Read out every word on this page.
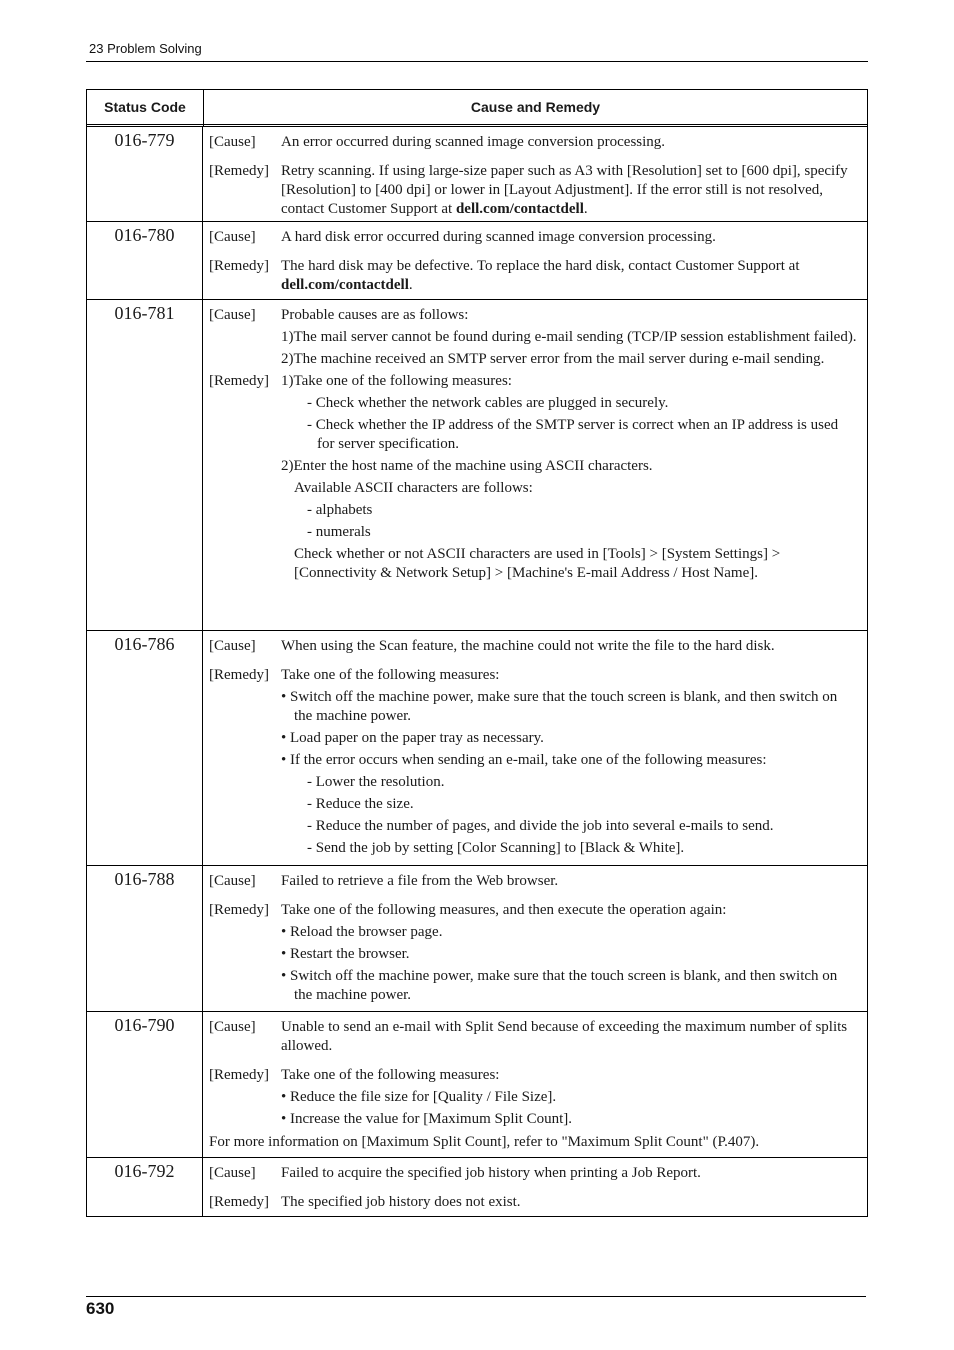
23 Problem Solving
Status Code	Cause and Remedy
016-779	[Cause]	An error occurred during scanned image conversion processing.
[Remedy] Retry scanning. If using large-size paper such as A3 with [Resolution] set to [600 dpi], specify [Resolution] to [400 dpi] or lower in [Layout Adjustment]. If the error still is not resolved, contact Customer Support at dell.com/contactdell.
016-780	[Cause]	A hard disk error occurred during scanned image conversion processing.
[Remedy] The hard disk may be defective. To replace the hard disk, contact Customer Support at dell.com/contactdell.
016-781	[Cause]	Probable causes are as follows:
1)The mail server cannot be found during e-mail sending (TCP/IP session establishment failed).
2)The machine received an SMTP server error from the mail server during e-mail sending.
[Remedy] 1)Take one of the following measures:
- Check whether the network cables are plugged in securely.
- Check whether the IP address of the SMTP server is correct when an IP address is used for server specification.
2)Enter the host name of the machine using ASCII characters.
Available ASCII characters are follows:
- alphabets
- numerals
Check whether or not ASCII characters are used in [Tools] > [System Settings] > [Connectivity & Network Setup] > [Machine's E-mail Address / Host Name].
016-786	[Cause]	When using the Scan feature, the machine could not write the file to the hard disk.
[Remedy] Take one of the following measures:
• Switch off the machine power, make sure that the touch screen is blank, and then switch on the machine power.
• Load paper on the paper tray as necessary.
• If the error occurs when sending an e-mail, take one of the following measures:
- Lower the resolution.
- Reduce the size.
- Reduce the number of pages, and divide the job into several e-mails to send.
- Send the job by setting [Color Scanning] to [Black & White].
016-788	[Cause]	Failed to retrieve a file from the Web browser.
[Remedy] Take one of the following measures, and then execute the operation again:
• Reload the browser page.
• Restart the browser.
• Switch off the machine power, make sure that the touch screen is blank, and then switch on the machine power.
016-790	[Cause]	Unable to send an e-mail with Split Send because of exceeding the maximum number of splits allowed.
[Remedy] Take one of the following measures:
• Reduce the file size for [Quality / File Size].
• Increase the value for [Maximum Split Count].
For more information on [Maximum Split Count], refer to "Maximum Split Count" (P.407).
016-792	[Cause]	Failed to acquire the specified job history when printing a Job Report.
[Remedy] The specified job history does not exist.
630
